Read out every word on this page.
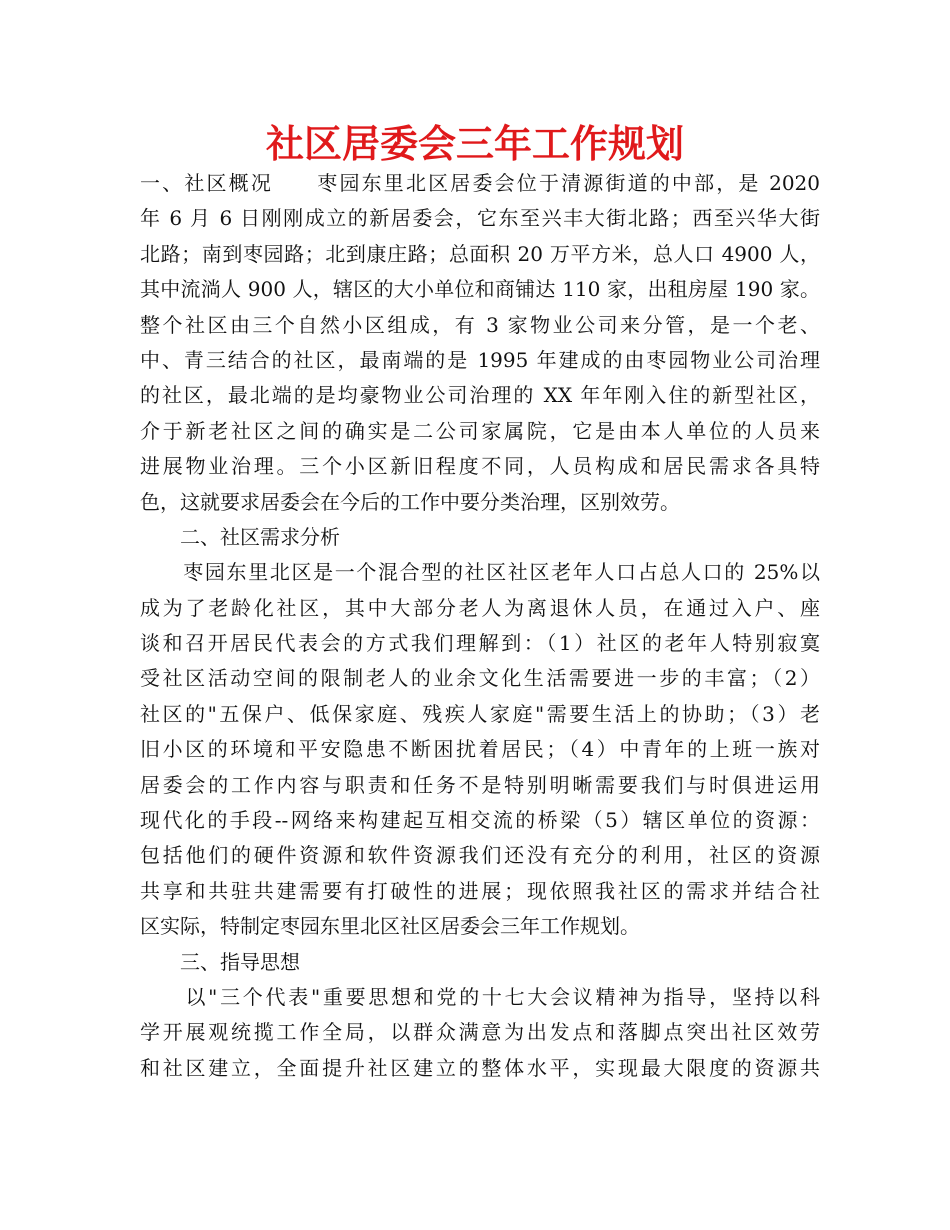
社区居委会三年工作规划
一、社区概况　　枣园东里北区居委会位于清源街道的中部，是 2020
年 6 月 6 日刚刚成立的新居委会，它东至兴丰大街北路；西至兴华大街
北路；南到枣园路；北到康庄路；总面积 20 万平方米，总人口 4900 人，
其中流淌人 900 人，辖区的大小单位和商铺达 110 家，出租房屋 190 家。
整个社区由三个自然小区组成，有 3 家物业公司来分管，是一个老、
中、青三结合的社区，最南端的是 1995 年建成的由枣园物业公司治理
的社区，最北端的是均豪物业公司治理的 XX 年年刚入住的新型社区，
介于新老社区之间的确实是二公司家属院，它是由本人单位的人员来
进展物业治理。三个小区新旧程度不同，人员构成和居民需求各具特
色，这就要求居委会在今后的工作中要分类治理，区别效劳。
　　二、社区需求分析
　　枣园东里北区是一个混合型的社区社区老年人口占总人口的 25%以
成为了老龄化社区，其中大部分老人为离退休人员，在通过入户、座
谈和召开居民代表会的方式我们理解到：（1）社区的老年人特别寂寞
受社区活动空间的限制老人的业余文化生活需要进一步的丰富；（2）
社区的"五保户、低保家庭、残疾人家庭"需要生活上的协助；（3）老
旧小区的环境和平安隐患不断困扰着居民；（4）中青年的上班一族对
居委会的工作内容与职责和任务不是特别明晰需要我们与时俱进运用
现代化的手段--网络来构建起互相交流的桥梁（5）辖区单位的资源：
包括他们的硬件资源和软件资源我们还没有充分的利用，社区的资源
共享和共驻共建需要有打破性的进展；现依照我社区的需求并结合社
区实际，特制定枣园东里北区社区居委会三年工作规划。
　　三、指导思想
　　以"三个代表"重要思想和党的十七大会议精神为指导，坚持以科
学开展观统揽工作全局，以群众满意为出发点和落脚点突出社区效劳
和社区建立，全面提升社区建立的整体水平，实现最大限度的资源共
